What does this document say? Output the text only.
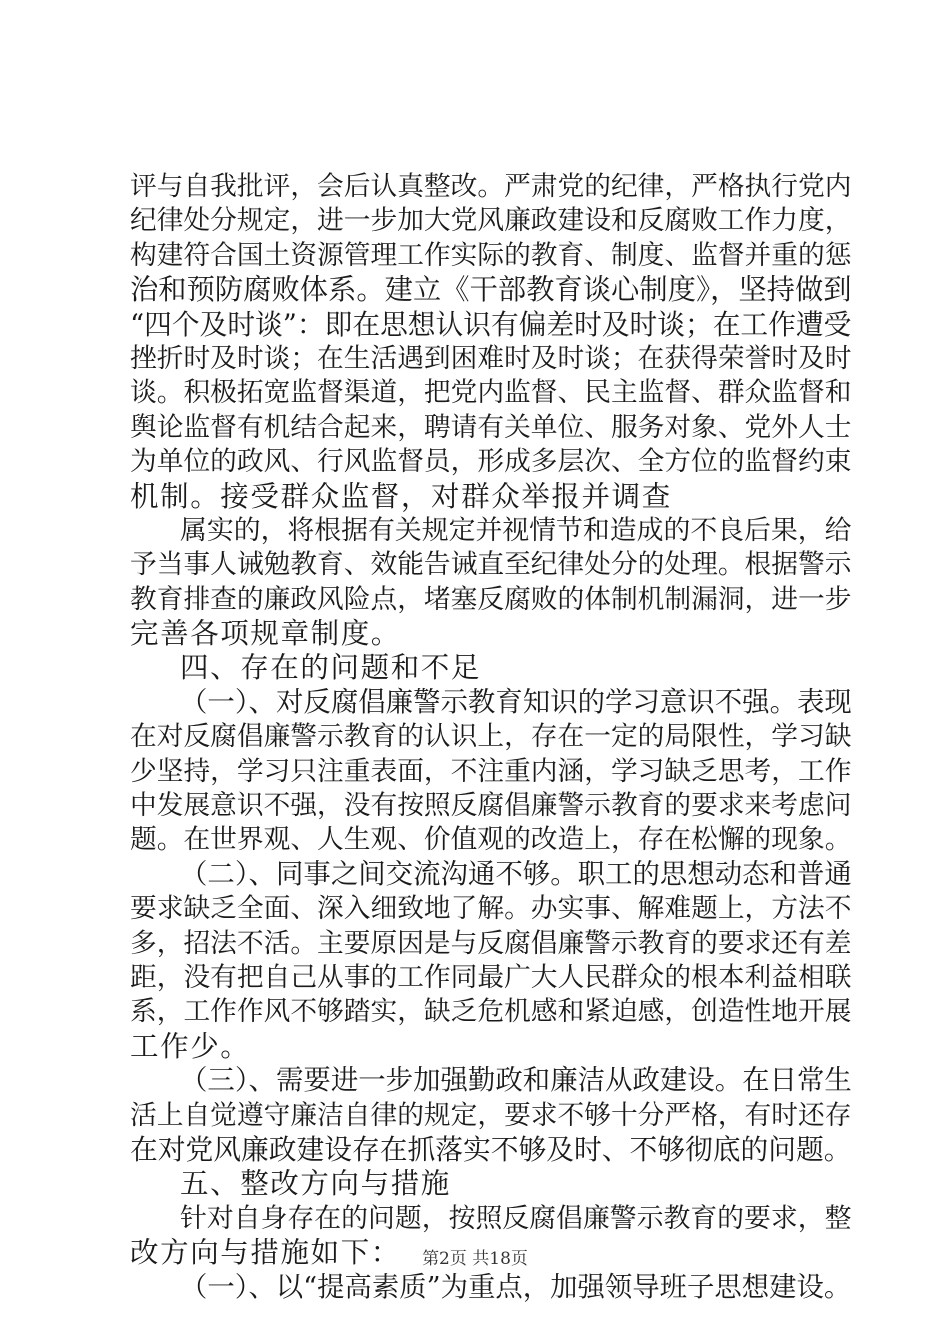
评与自我批评，会后认真整改。严肃党的纪律，严格执行党内
纪律处分规定，进一步加大党风廉政建设和反腐败工作力度，
构建符合国土资源管理工作实际的教育、制度、监督并重的惩
治和预防腐败体系。建立《干部教育谈心制度》，坚持做到
“四个及时谈”：即在思想认识有偏差时及时谈；在工作遭受
挫折时及时谈；在生活遇到困难时及时谈；在获得荣誉时及时
谈。积极拓宽监督渠道，把党内监督、民主监督、群众监督和
舆论监督有机结合起来，聘请有关单位、服务对象、党外人士
为单位的政风、行风监督员，形成多层次、全方位的监督约束
机制。接受群众监督，对群众举报并调查
属实的，将根据有关规定并视情节和造成的不良后果，给
予当事人诫勉教育、效能告诫直至纪律处分的处理。根据警示
教育排查的廉政风险点，堵塞反腐败的体制机制漏洞，进一步
完善各项规章制度。
四、存在的问题和不足
（一）、对反腐倡廉警示教育知识的学习意识不强。表现
在对反腐倡廉警示教育的认识上，存在一定的局限性，学习缺
少坚持，学习只注重表面，不注重内涵，学习缺乏思考，工作
中发展意识不强，没有按照反腐倡廉警示教育的要求来考虑问
题。在世界观、人生观、价值观的改造上，存在松懈的现象。
（二）、同事之间交流沟通不够。职工的思想动态和普通
要求缺乏全面、深入细致地了解。办实事、解难题上，方法不
多，招法不活。主要原因是与反腐倡廉警示教育的要求还有差
距，没有把自己从事的工作同最广大人民群众的根本利益相联
系，工作作风不够踏实，缺乏危机感和紧迫感，创造性地开展
工作少。
（三）、需要进一步加强勤政和廉洁从政建设。在日常生
活上自觉遵守廉洁自律的规定，要求不够十分严格，有时还存
在对党风廉政建设存在抓落实不够及时、不够彻底的问题。
五、整改方向与措施
针对自身存在的问题，按照反腐倡廉警示教育的要求，整
改方向与措施如下：
（一）、以“提高素质”为重点，加强领导班子思想建设。
第2页 共18页
